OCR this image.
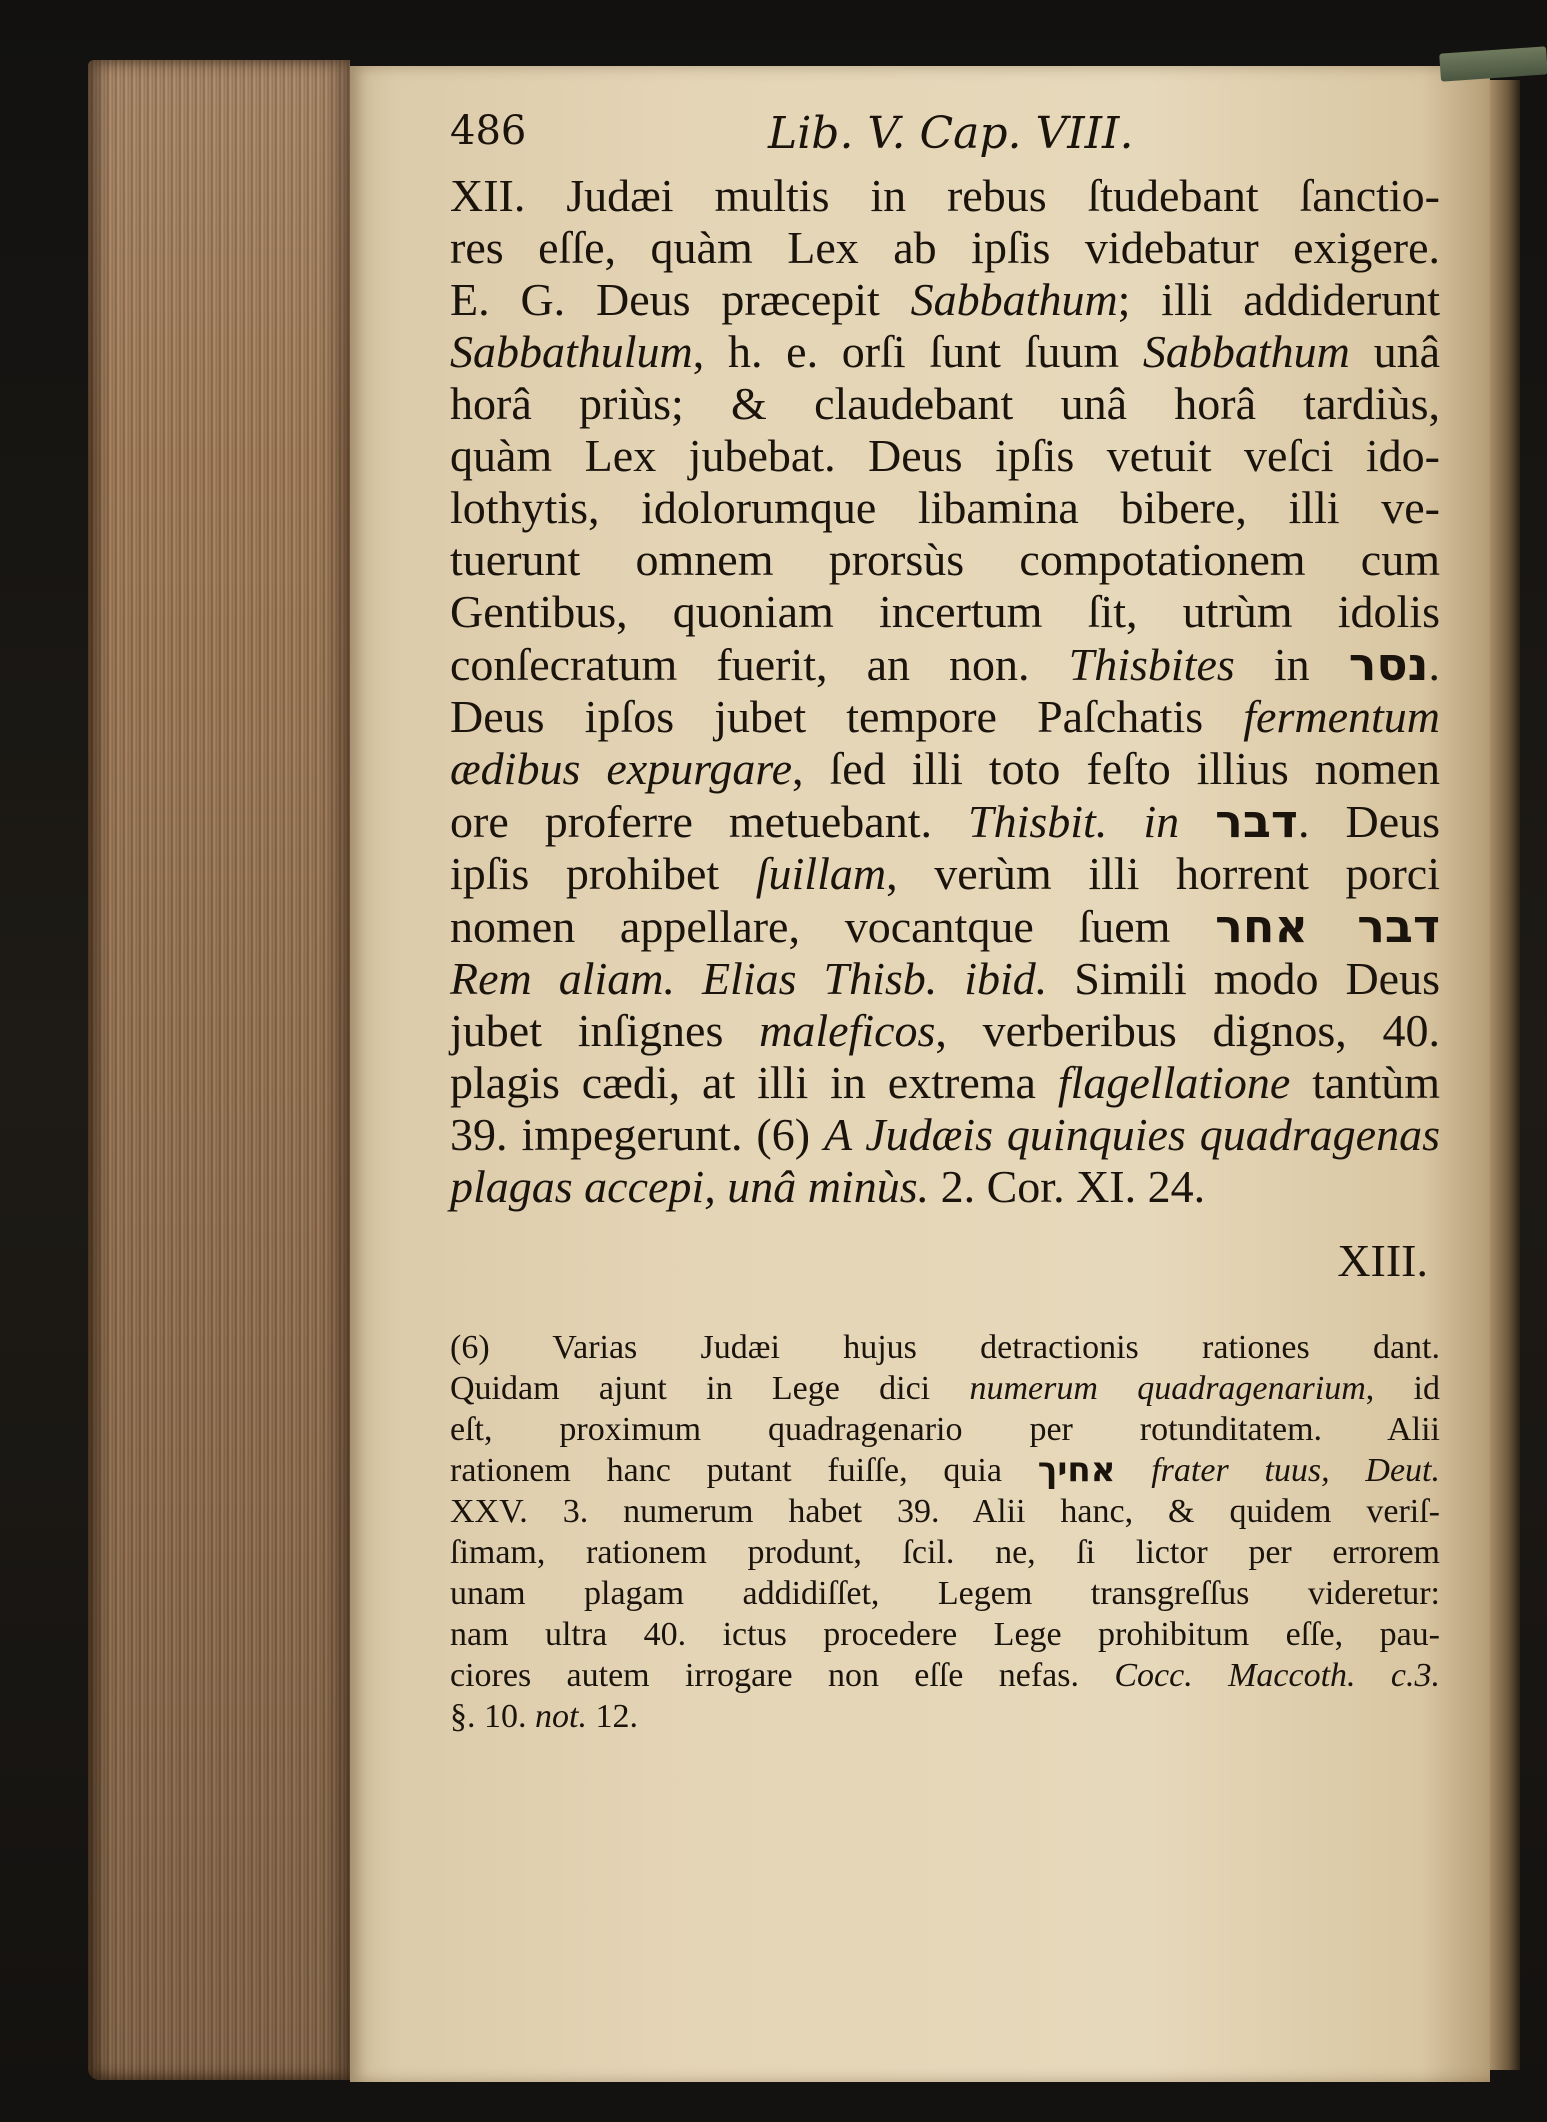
486	Lib. V. Cap. VIII.

XII. Judæi multis in rebus ſtudebant ſanctio-
res eſſe, quàm Lex ab ipſis videbatur exigere.
E. G. Deus præcepit Sabbathum; illi addiderunt
Sabbathulum, h. e. orſi ſunt ſuum Sabbathum unâ
horâ priùs; & claudebant unâ horâ tardiùs,
quàm Lex jubebat. Deus ipſis vetuit veſci ido-
lothytis, idolorumque libamina bibere, illi ve-
tuerunt omnem prorsùs compotationem cum
Gentibus, quoniam incertum ſit, utrùm idolis
conſecratum fuerit, an non. Thisbites in נסר.
Deus ipſos jubet tempore Paſchatis fermentum
ædibus expurgare, ſed illi toto feſto illius nomen
ore proferre metuebant. Thisbit. in דבר. Deus
ipſis prohibet ſuillam, verùm illi horrent porci
nomen appellare, vocantque ſuem דבר אחר
Rem aliam. Elias Thisb. ibid. Simili modo Deus
jubet inſignes maleficos, verberibus dignos, 40.
plagis cædi, at illi in extrema flagellatione tantùm
39. impegerunt. (6) A Judæis quinquies quadragenas
plagas accepi, unâ minùs. 2. Cor. XI. 24.

XIII.
(6) Varias Judæi hujus detractionis rationes dant.
Quidam ajunt in Lege dici numerum quadragenarium, id
eſt, proximum quadragenario per rotunditatem. Alii
rationem hanc putant fuiſſe, quia אחיך frater tuus, Deut.
XXV. 3. numerum habet 39. Alii hanc, & quidem veriſ-
ſimam, rationem produnt, ſcil. ne, ſi lictor per errorem
unam plagam addidiſſet, Legem transgreſſus videretur:
nam ultra 40. ictus procedere Lege prohibitum eſſe, pau-
ciores autem irrogare non eſſe nefas. Cocc. Maccoth. c.3.
§. 10. not. 12.
